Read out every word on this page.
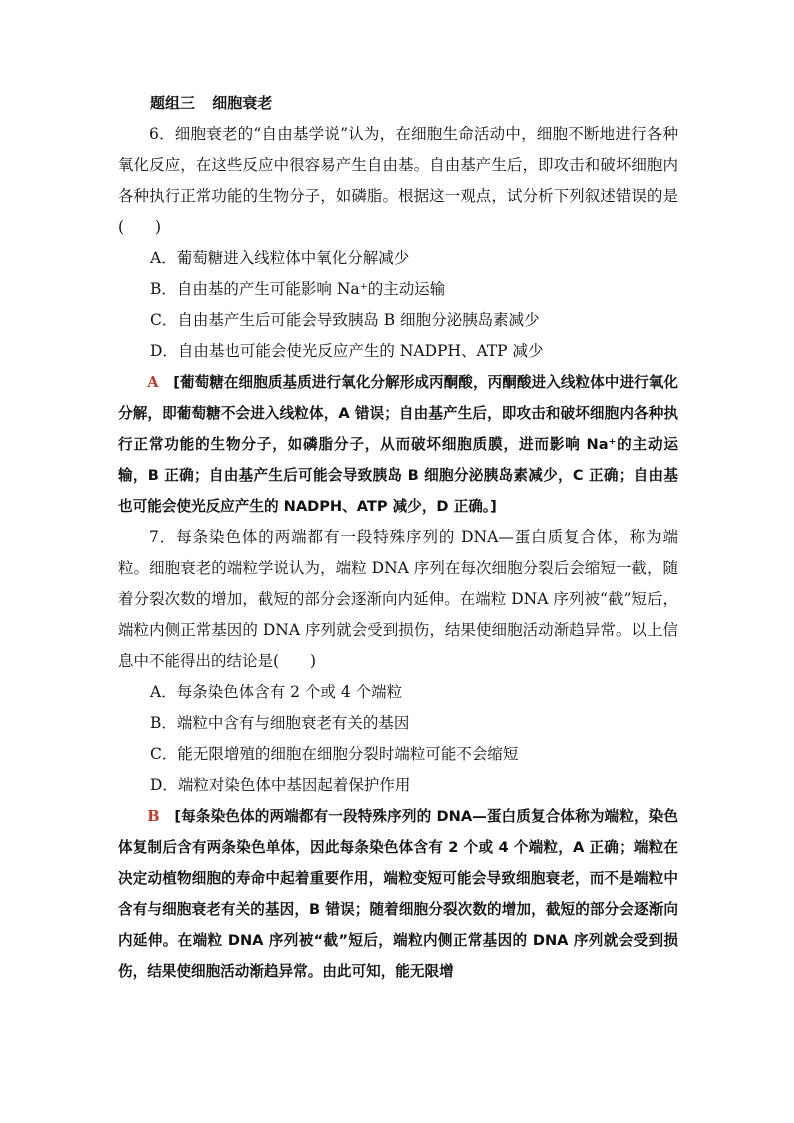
题组三 细胞衰老

6．细胞衰老的“自由基学说”认为，在细胞生命活动中，细胞不断地进行各种氧化反应，在这些反应中很容易产生自由基。自由基产生后，即攻击和破坏细胞内各种执行正常功能的生物分子，如磷脂。根据这一观点，试分析下列叙述错误的是(　　)

A．葡萄糖进入线粒体中氧化分解减少

B．自由基的产生可能影响 Na⁺的主动运输

C．自由基产生后可能会导致胰岛 B 细胞分泌胰岛素减少

D．自由基也可能会使光反应产生的 NADPH、ATP 减少

A　 [葡萄糖在细胞质基质进行氧化分解形成丙酮酸，丙酮酸进入线粒体中进行氧化分解，即葡萄糖不会进入线粒体，A 错误；自由基产生后，即攻击和破坏细胞内各种执行正常功能的生物分子，如磷脂分子，从而破坏细胞质膜，进而影响 Na⁺的主动运输，B 正确；自由基产生后可能会导致胰岛 B 细胞分泌胰岛素减少，C 正确；自由基也可能会使光反应产生的 NADPH、ATP 减少，D 正确。]

7．每条染色体的两端都有一段特殊序列的 DNA—蛋白质复合体，称为端粒。细胞衰老的端粒学说认为，端粒 DNA 序列在每次细胞分裂后会缩短一截，随着分裂次数的增加，截短的部分会逐渐向内延伸。在端粒 DNA 序列被“截”短后，端粒内侧正常基因的 DNA 序列就会受到损伤，结果使细胞活动渐趋异常。以上信息中不能得出的结论是(　　)

A．每条染色体含有 2 个或 4 个端粒

B．端粒中含有与细胞衰老有关的基因

C．能无限增殖的细胞在细胞分裂时端粒可能不会缩短

D．端粒对染色体中基因起着保护作用

B　 [每条染色体的两端都有一段特殊序列的 DNA—蛋白质复合体称为端粒，染色体复制后含有两条染色单体，因此每条染色体含有 2 个或 4 个端粒，A 正确；端粒在决定动植物细胞的寿命中起着重要作用，端粒变短可能会导致细胞衰老，而不是端粒中含有与细胞衰老有关的基因，B 错误；随着细胞分裂次数的增加，截短的部分会逐渐向内延伸。在端粒 DNA 序列被“截”短后，端粒内侧正常基因的 DNA 序列就会受到损伤，结果使细胞活动渐趋异常。由此可知，能无限增
